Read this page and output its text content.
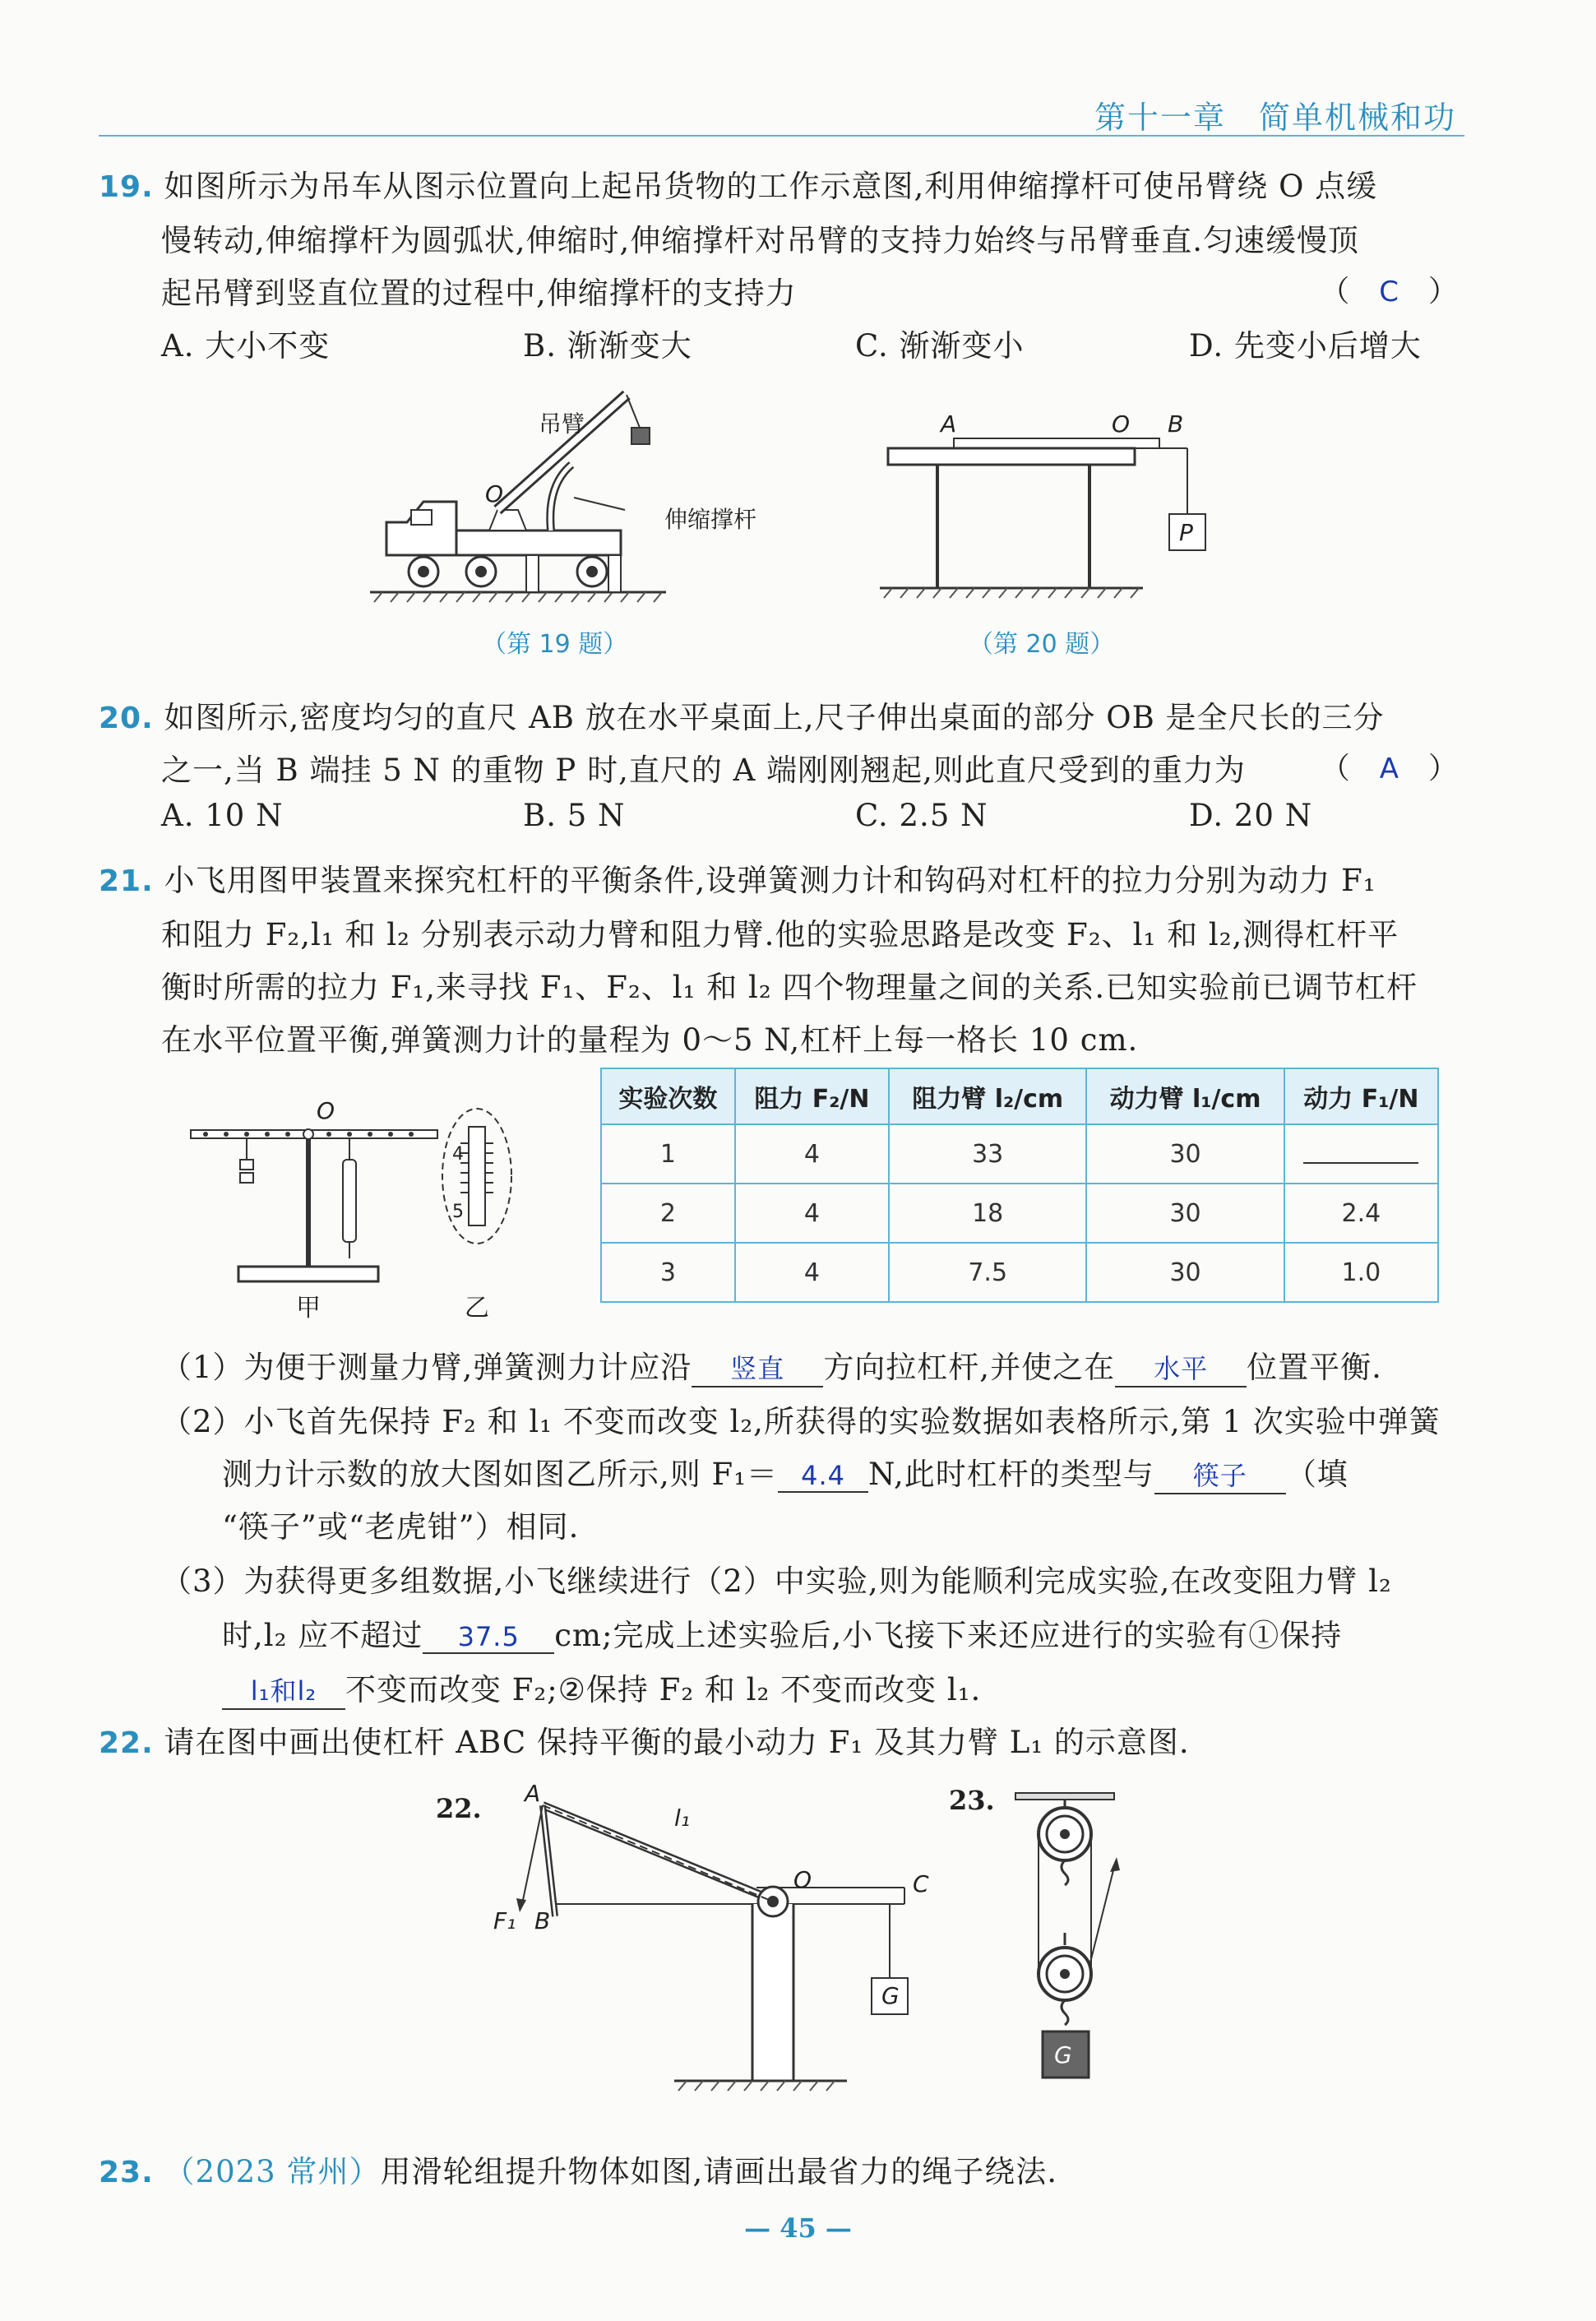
第十一章　简单机械和功
19. 如图所示为吊车从图示位置向上起吊货物的工作示意图,利用伸缩撑杆可使吊臂绕 O 点缓
慢转动,伸缩撑杆为圆弧状,伸缩时,伸缩撑杆对吊臂的支持力始终与吊臂垂直.匀速缓慢顶
起吊臂到竖直位置的过程中,伸缩撑杆的支持力	（　C　）
A. 大小不变	B. 渐渐变大	C. 渐渐变小	D. 先变小后增大
O
吊臂
伸缩撑杆
（第 19 题）
A	O B
P
（第 20 题）
20. 如图所示,密度均匀的直尺 AB 放在水平桌面上,尺子伸出桌面的部分 OB 是全尺长的三分
之一,当 B 端挂 5 N 的重物 P 时,直尺的 A 端刚刚翘起,则此直尺受到的重力为	（　A　）
A. 10 N	B. 5 N	C. 2.5 N	D. 20 N
21. 小飞用图甲装置来探究杠杆的平衡条件,设弹簧测力计和钩码对杠杆的拉力分别为动力 F₁
和阻力 F₂,l₁ 和 l₂ 分别表示动力臂和阻力臂.他的实验思路是改变 F₂、l₁ 和 l₂,测得杠杆平
衡时所需的拉力 F₁,来寻找 F₁、F₂、l₁ 和 l₂ 四个物理量之间的关系.已知实验前已调节杠杆
在水平位置平衡,弹簧测力计的量程为 0～5 N,杠杆上每一格长 10 cm.
O
4
5
甲	乙
实验次数	阻力 F₂/N	阻力臂 l₂/cm	动力臂 l₁/cm	动力 F₁/N
1	4	33	30	
2	4	18	30	2.4
3	4	7.5	30	1.0
（1）为便于测量力臂,弹簧测力计应沿 竖直 方向拉杠杆,并使之在 水平 位置平衡.
（2）小飞首先保持 F₂ 和 l₁ 不变而改变 l₂,所获得的实验数据如表格所示,第 1 次实验中弹簧
测力计示数的放大图如图乙所示,则 F₁＝ 4.4 N,此时杠杆的类型与 筷子 （填
“筷子”或“老虎钳”）相同.
（3）为获得更多组数据,小飞继续进行（2）中实验,则为能顺利完成实验,在改变阻力臂 l₂
时,l₂ 应不超过 37.5 cm;完成上述实验后,小飞接下来还应进行的实验有①保持
l₁和l₂ 不变而改变 F₂;②保持 F₂ 和 l₂ 不变而改变 l₁.
22. 请在图中画出使杠杆 ABC 保持平衡的最小动力 F₁ 及其力臂 L₁ 的示意图.
22. A
l₁
O	C
F₁ B
G
23.
G
23. （2023 常州）用滑轮组提升物体如图,请画出最省力的绳子绕法.
— 45 —
